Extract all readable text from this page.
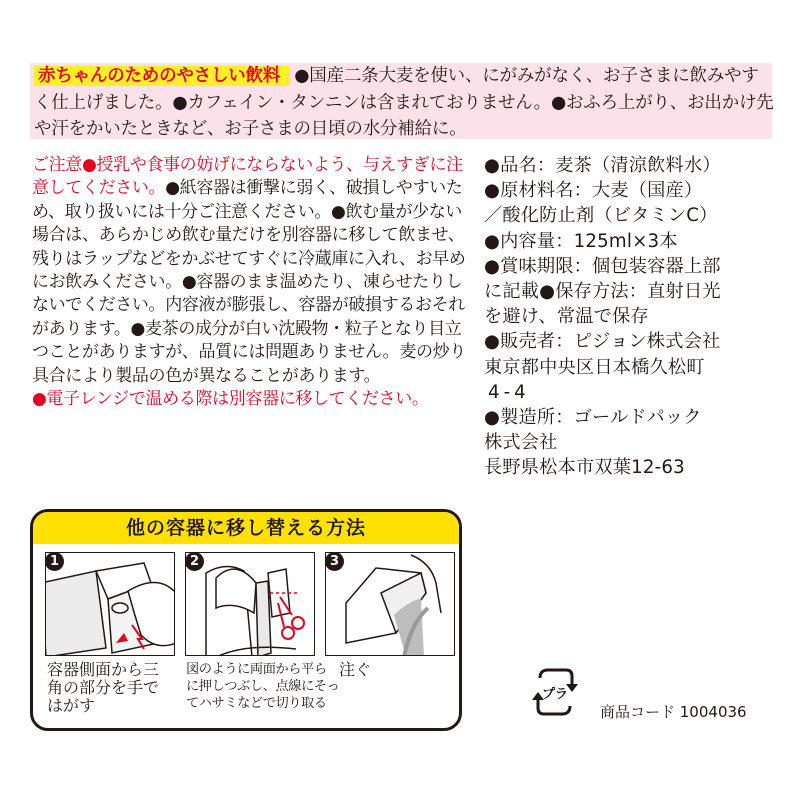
赤ちゃんのためのやさしい飲料 ●国産二条大麦を使い、にがみがなく、お子さまに飲みやすく仕上げました。●カフェイン・タンニンは含まれておりません。●おふろ上がり、お出かけ先や汗をかいたときなど、お子さまの日頃の水分補給に。
ご注意●授乳や食事の妨げにならないよう、与えすぎに注意してください。●紙容器は衝撃に弱く、破損しやすいため、取り扱いには十分ご注意ください。●飲む量が少ない場合は、あらかじめ飲む量だけを別容器に移して飲ませ、残りはラップなどをかぶせてすぐに冷蔵庫に入れ、お早めにお飲みください。●容器のまま温めたり、凍らせたりしないでください。内容液が膨張し、容器が破損するおそれがあります。●麦茶の成分が白い沈殿物・粒子となり目立つことがありますが、品質には問題ありません。麦の炒り具合により製品の色が異なることがあります。
●電子レンジで温める際は別容器に移してください。
●品名：麦茶（清涼飲料水）
●原材料名：大麦（国産）
／酸化防止剤（ビタミンC）
●内容量：125ml×3本
●賞味期限：個包装容器上部
に記載●保存方法：直射日光
を避け、常温で保存
●販売者：ピジョン株式会社
東京都中央区日本橋久松町
4-4
●製造所：ゴールドパック
株式会社
長野県松本市双葉12-63
他の容器に移し替える方法
1	2	3
容器側面から三
角の部分を手で
はがす
図のように両面から平ら
に押しつぶし、点線にそっ
てハサミなどで切り取る
注ぐ
プラ
商品コード 1004036
